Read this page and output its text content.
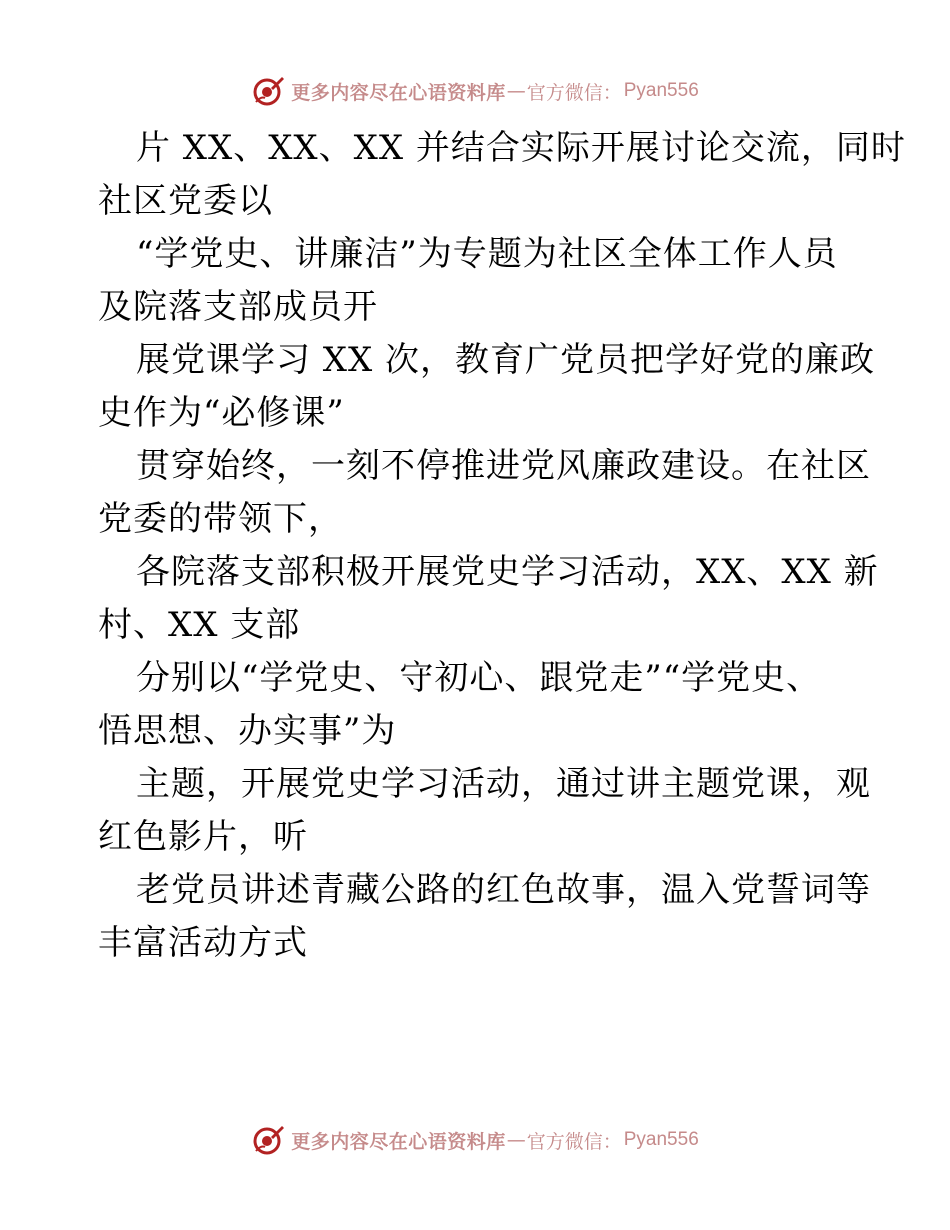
更多内容尽在心语资料库 — 官方微信： Pyan556
片 XX、XX、XX 并结合实际开展讨论交流，同时
社区党委以
“学党史、讲廉洁”为专题为社区全体工作人员
及院落支部成员开
展党课学习 XX 次，教育广党员把学好党的廉政
史作为“必修课”
贯穿始终，一刻不停推进党风廉政建设。在社区
党委的带领下，
各院落支部积极开展党史学习活动，XX、XX 新
村、XX 支部
分别以“学党史、守初心、跟党走”“学党史、
悟思想、办实事”为
主题，开展党史学习活动，通过讲主题党课，观
红色影片，听
老党员讲述青藏公路的红色故事，温入党誓词等
丰富活动方式
更多内容尽在心语资料库 — 官方微信： Pyan556
